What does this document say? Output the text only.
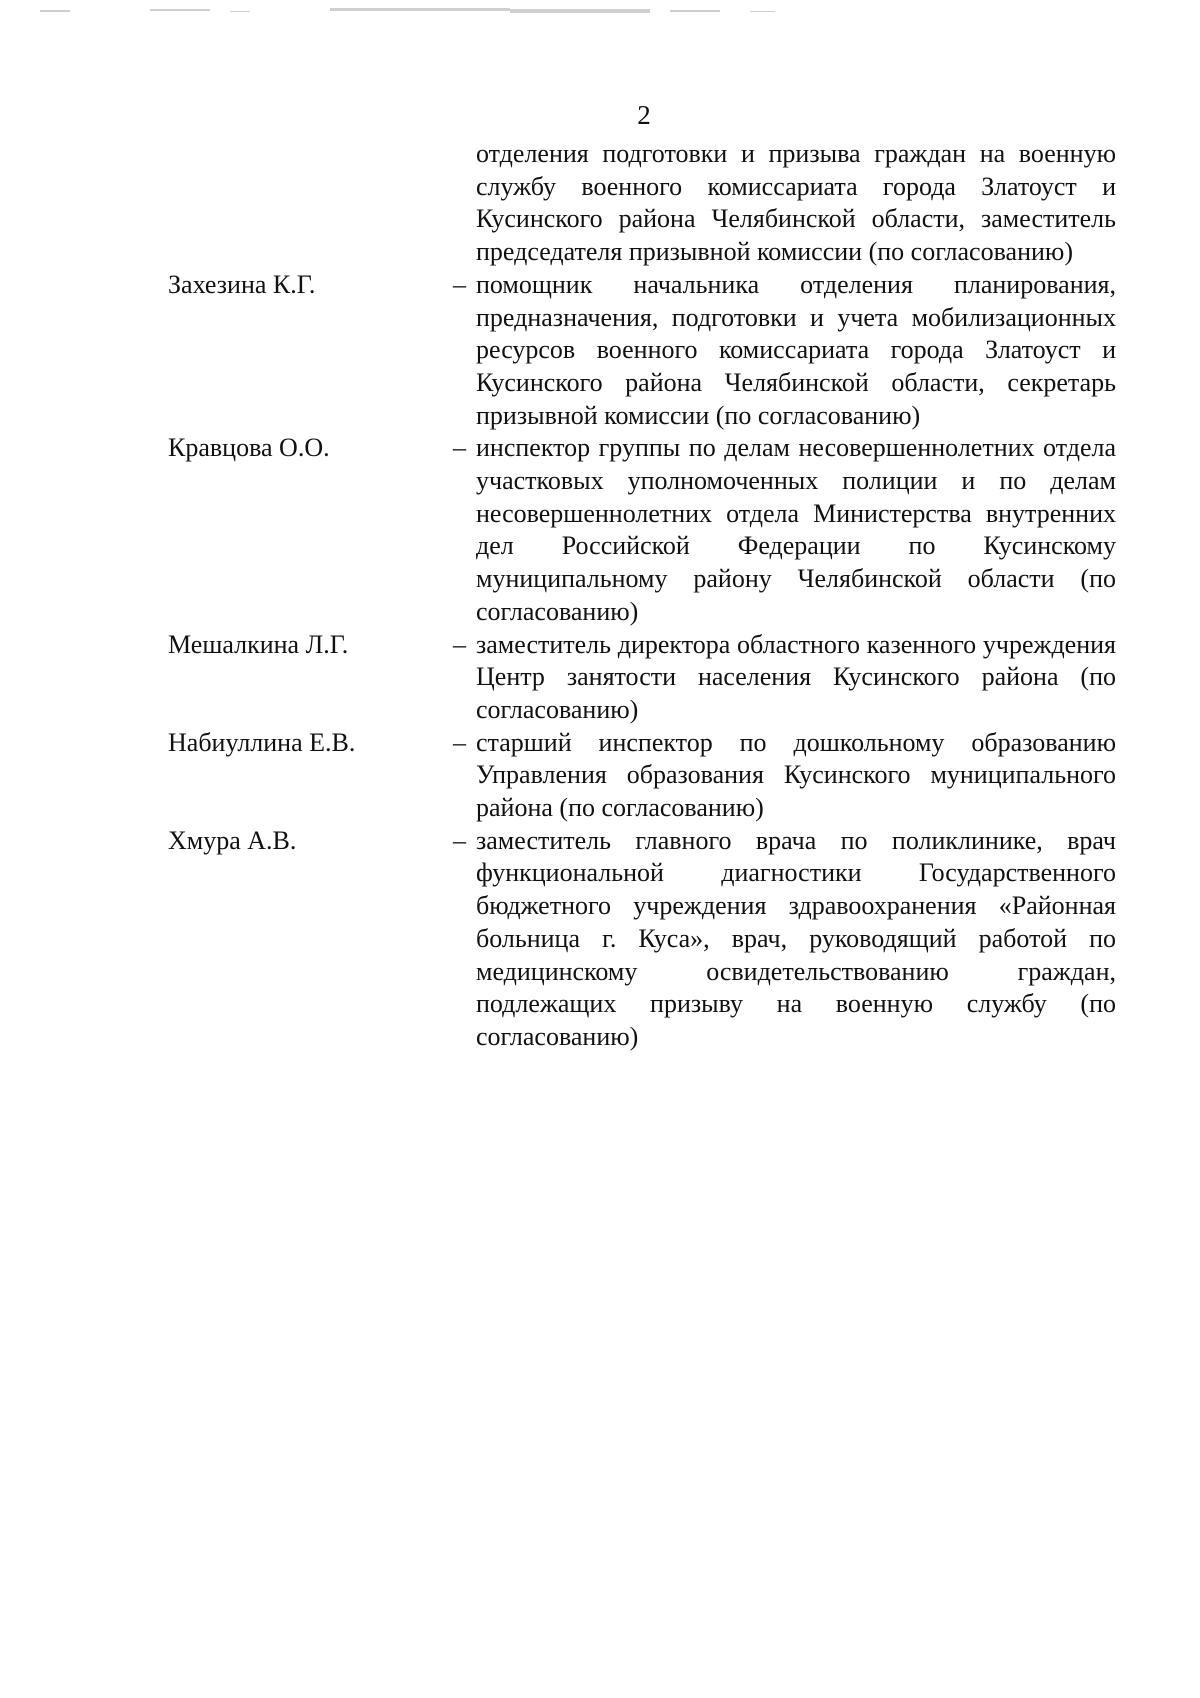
2
отделения подготовки и призыва граждан на военную службу военного комиссариата города Златоуст и Кусинского района Челябинской области, заместитель председателя призывной комиссии (по согласованию)
Захезина К.Г.	– помощник начальника отделения планирования, предназначения, подготовки и учета мобилизационных ресурсов военного комиссариата города Златоуст и Кусинского района Челябинской области, секретарь призывной комиссии (по согласованию)
Кравцова О.О.	– инспектор группы по делам несовершеннолетних отдела участковых уполномоченных полиции и по делам несовершеннолетних отдела Министерства внутренних дел Российской Федерации по Кусинскому муниципальному району Челябинской области (по согласованию)
Мешалкина Л.Г.	– заместитель директора областного казенного учреждения Центр занятости населения Кусинского района (по согласованию)
Набиуллина Е.В.	– старший инспектор по дошкольному образованию Управления образования Кусинского муниципального района (по согласованию)
Хмура А.В.	– заместитель главного врача по поликлинике, врач функциональной диагностики Государственного бюджетного учреждения здравоохранения «Районная больница г. Куса», врач, руководящий работой по медицинскому освидетельствованию граждан, подлежащих призыву на военную службу (по согласованию)
